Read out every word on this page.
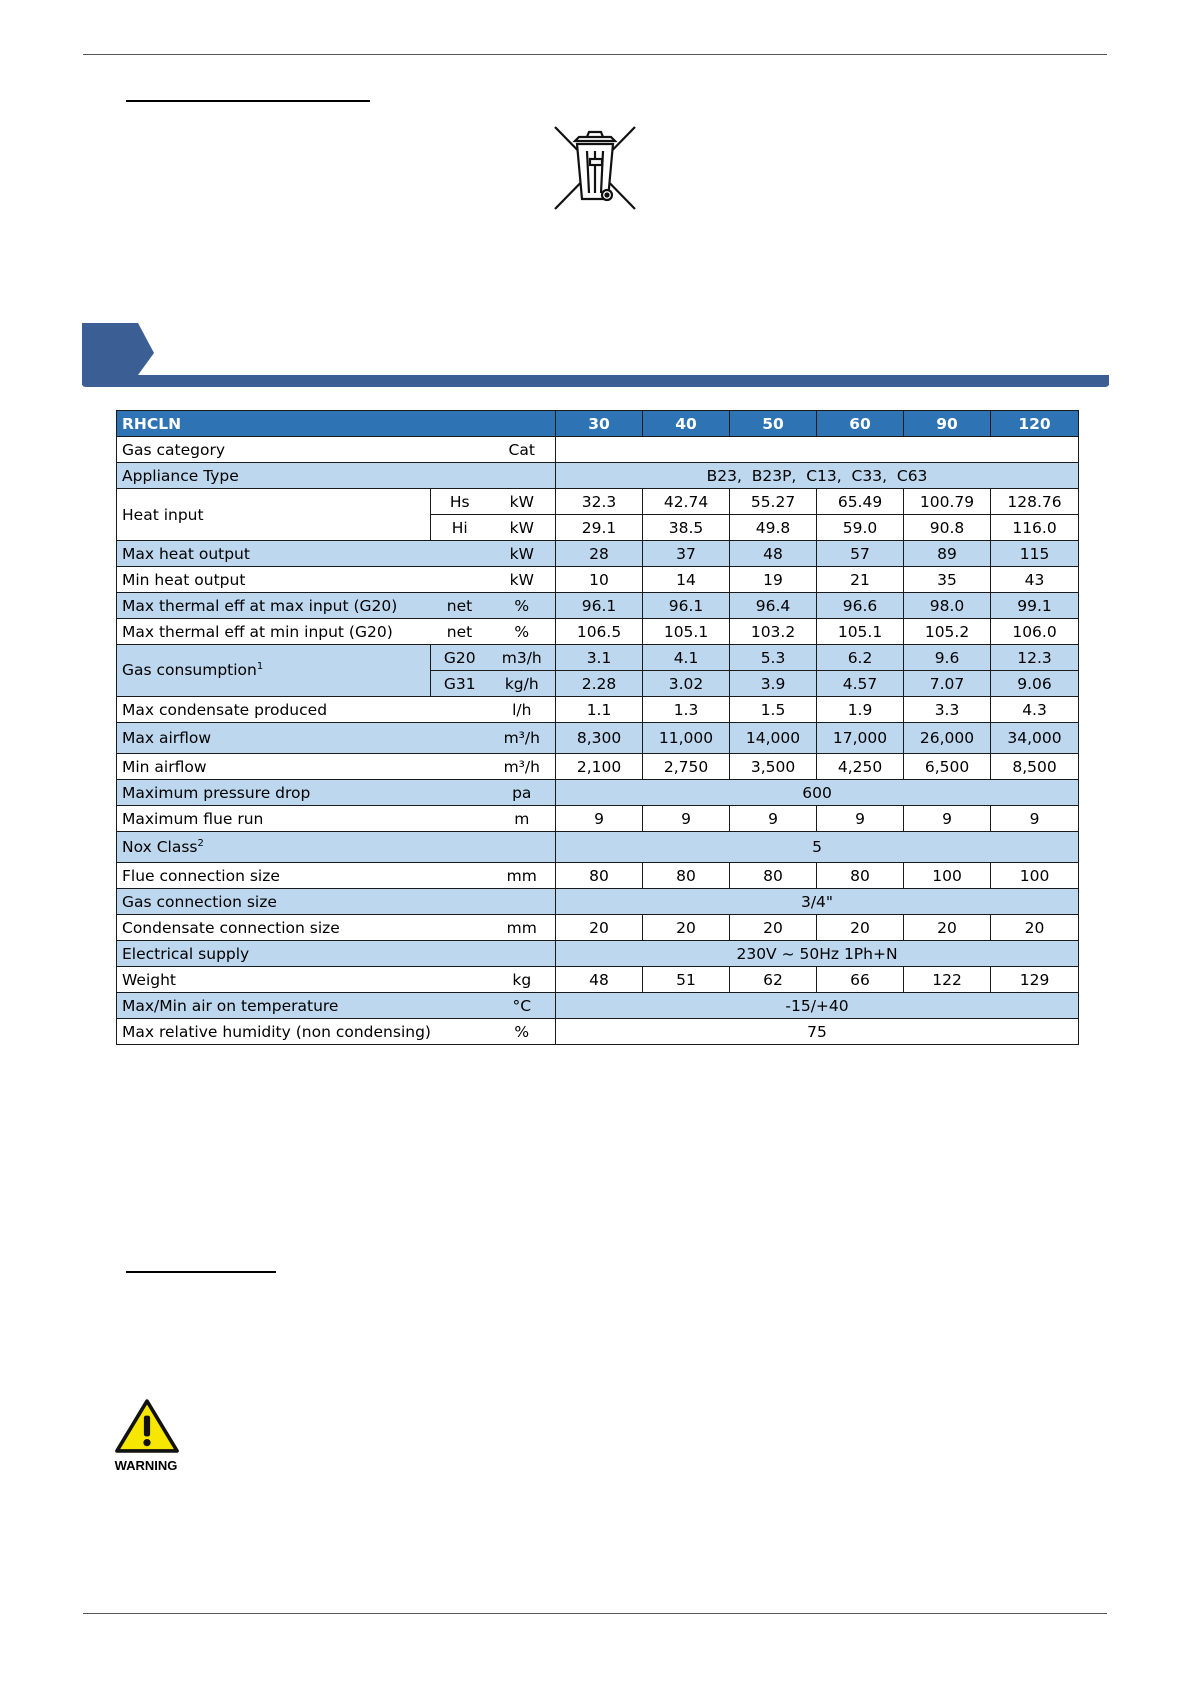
RHCLN			30	40	50	60	90	120
Gas category		Cat						
Appliance Type			B23,  B23P,  C13,  C33,  C63					
Heat input	Hs	kW	32.3	42.74	55.27	65.49	100.79	128.76
	Hi	kW	29.1	38.5	49.8	59.0	90.8	116.0
Max heat output		kW	28	37	48	57	89	115
Min heat output		kW	10	14	19	21	35	43
Max thermal eff at max input (G20)	net	%	96.1	96.1	96.4	96.6	98.0	99.1
Max thermal eff at min input (G20)	net	%	106.5	105.1	103.2	105.1	105.2	106.0
Gas consumption$^1$	G20	m3/h	3.1	4.1	5.3	6.2	9.6	12.3
	G31	kg/h	2.28	3.02	3.9	4.57	7.07	9.06
Max condensate produced		l/h	1.1	1.3	1.5	1.9	3.3	4.3
Max airflow		m³/h	8,300	11,000	14,000	17,000	26,000	34,000
Min airflow		m³/h	2,100	2,750	3,500	4,250	6,500	8,500
Maximum pressure drop		pa	600					
Maximum flue run		m	9	9	9	9	9	9
Nox Class$^2$			5					
Flue connection size		mm	80	80	80	80	100	100
Gas connection size			3/4"					
Condensate connection size		mm	20	20	20	20	20	20
Electrical supply			230V ~ 50Hz 1Ph+N					
Weight		kg	48	51	62	66	122	129
Max/Min air on temperature		°C	-15/+40					
Max relative humidity (non condensing)		%	75					
WARNING
